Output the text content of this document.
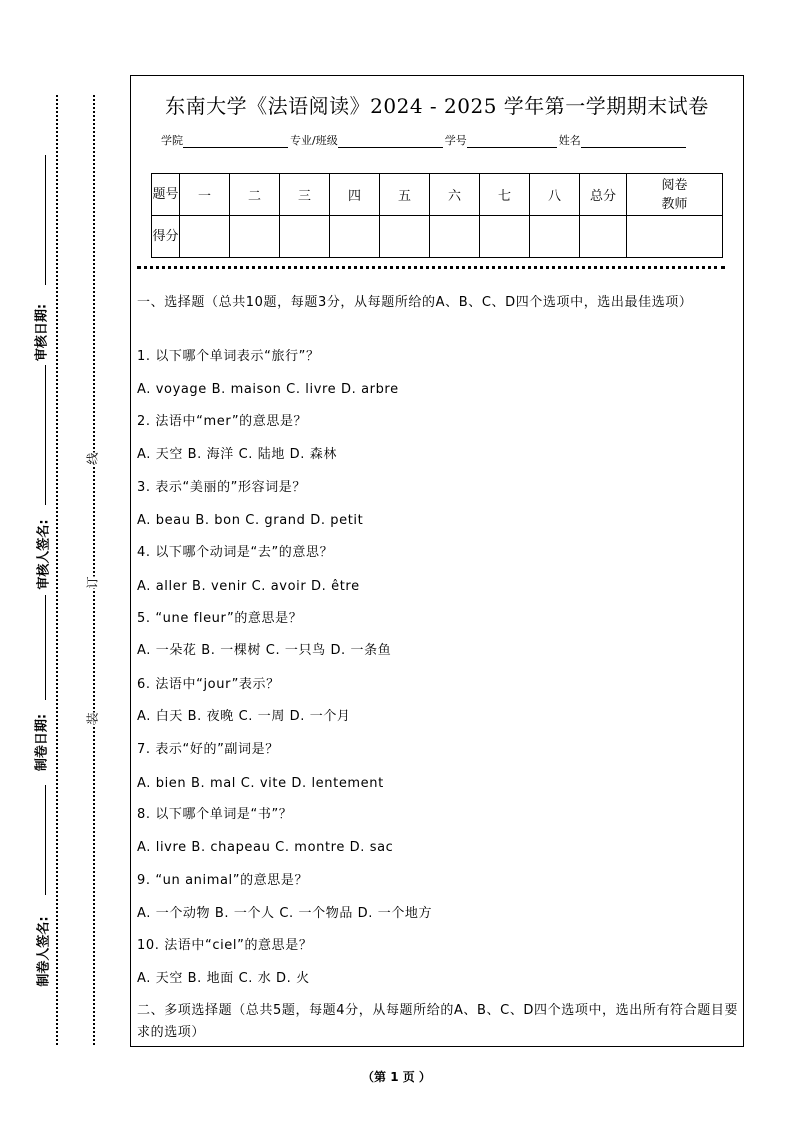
审核日期:
审核人签名:
制卷日期:
制卷人签名:
线
订
装
东南大学《法语阅读》2024 - 2025 学年第一学期期末试卷
学院	专业/班级	学号	姓名
题号	一	二	三	四	五	六	七	八	总分	阅卷
教师
得分										
一、选择题（总共10题，每题3分，从每题所给的A、B、C、D四个选项中，选出最佳选项）
1. 以下哪个单词表示“旅行”？
A. voyage B. maison C. livre D. arbre
2. 法语中“mer”的意思是？
A. 天空 B. 海洋 C. 陆地 D. 森林
3. 表示“美丽的”形容词是？
A. beau B. bon C. grand D. petit
4. 以下哪个动词是“去”的意思？
A. aller B. venir C. avoir D. être
5. “une fleur”的意思是？
A. 一朵花 B. 一棵树 C. 一只鸟 D. 一条鱼
6. 法语中“jour”表示？
A. 白天 B. 夜晚 C. 一周 D. 一个月
7. 表示“好的”副词是？
A. bien B. mal C. vite D. lentement
8. 以下哪个单词是“书”？
A. livre B. chapeau C. montre D. sac
9. “un animal”的意思是？
A. 一个动物 B. 一个人 C. 一个物品 D. 一个地方
10. 法语中“ciel”的意思是？
A. 天空 B. 地面 C. 水 D. 火
二、多项选择题（总共5题，每题4分，从每题所给的A、B、C、D四个选项中，选出所有符合题目要求的选项）
（第 1 页 ）
